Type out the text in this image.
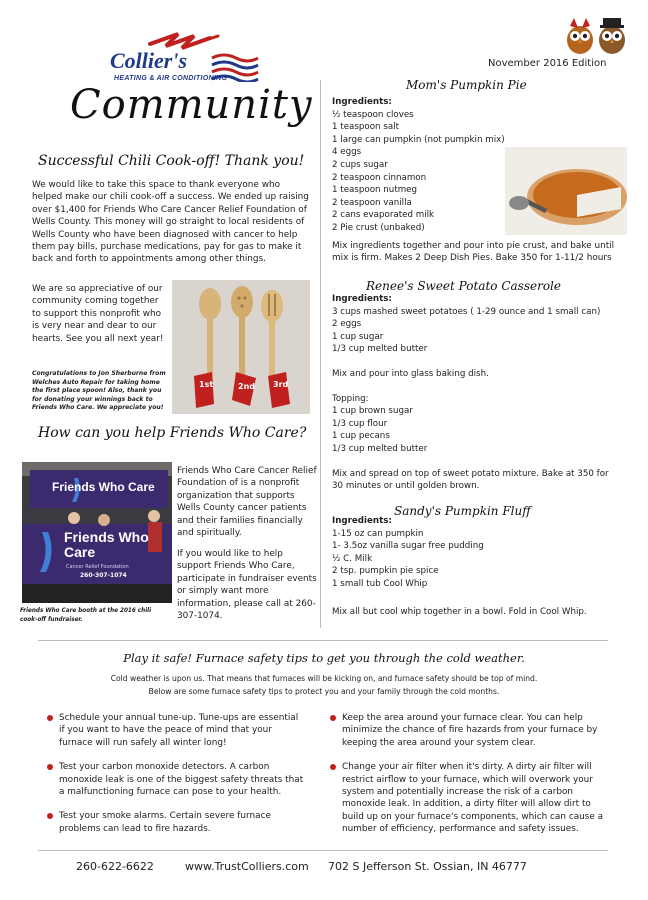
Collier's
HEATING & AIR CONDITIONING
Community
November 2016 Edition
Successful Chili Cook-off! Thank you!
We would like to take this space to thank everyone who helped make our chili cook-off a success. We ended up raising over $1,400 for Friends Who Care Cancer Relief Foundation of Wells County. This money will go straight to local residents of Wells County who have been diagnosed with cancer to help them pay bills, purchase medications, pay for gas to make it back and forth to appointments among other things.
We are so appreciative of our community coming together to support this nonprofit who is very near and dear to our hearts. See you all next year!
Congratulations to Jon Sherburne from Welches Auto Repair for taking home the first place spoon! Also, thank you for donating your winnings back to Friends Who Care. We appreciate you!
1st	2nd 3rd
How can you help Friends Who Care?
Friends Who Care
Friends Who Care
Cancer Relief Foundation
260-307-1074
Friends Who Care Cancer Relief Foundation of is a nonprofit organization that supports Wells County cancer patients and their families financially and spiritually.
If you would like to help support Friends Who Care, participate in fundraiser events or simply want more information, please call at 260-307-1074.
Friends Who Care booth at the 2016 chili cook-off fundraiser.
Mom's Pumpkin Pie
Ingredients:
½ teaspoon cloves
1 teaspoon salt
1 large can pumpkin (not pumpkin mix)
4 eggs
2 cups sugar
2 teaspoon cinnamon
1 teaspoon nutmeg
2 teaspoon vanilla
2 cans evaporated milk
2 Pie crust (unbaked)
Mix ingredients together and pour into pie crust, and bake until mix is firm. Makes 2 Deep Dish Pies. Bake 350 for 1-11/2 hours
Renee's Sweet Potato Casserole
Ingredients:
3 cups mashed sweet potatoes ( 1-29 ounce and 1 small can)
2 eggs
1 cup sugar
1/3 cup melted butter
Mix and pour into glass baking dish.
Topping:
1 cup brown sugar
1/3 cup flour
1 cup pecans
1/3 cup melted butter
Mix and spread on top of sweet potato mixture. Bake at 350 for 30 minutes or until golden brown.
Sandy's Pumpkin Fluff
Ingredients:
1-15 oz can pumpkin
1- 3.5oz vanilla sugar free pudding
½ C. Milk
2 tsp. pumpkin pie spice
1 small tub Cool Whip
Mix all but cool whip together in a bowl. Fold in Cool Whip.
Play it safe! Furnace safety tips to get you through the cold weather.
Cold weather is upon us. That means that furnaces will be kicking on, and furnace safety should be top of mind.
Below are some furnace safety tips to protect you and your family through the cold months.
Schedule your annual tune-up. Tune-ups are essential if you want to have the peace of mind that your furnace will run safely all winter long!
Test your carbon monoxide detectors. A carbon monoxide leak is one of the biggest safety threats that a malfunctioning furnace can pose to your health.
Test your smoke alarms. Certain severe furnace problems can lead to fire hazards.
Keep the area around your furnace clear. You can help minimize the chance of fire hazards from your furnace by keeping the area around your system clear.
Change your air filter when it's dirty. A dirty air filter will restrict airflow to your furnace, which will overwork your system and potentially increase the risk of a carbon monoxide leak. In addition, a dirty filter will allow dirt to build up on your furnace's components, which can cause a number of efficiency, performance and safety issues.
260-622-6622	www.TrustColliers.com 702 S Jefferson St. Ossian, IN 46777
